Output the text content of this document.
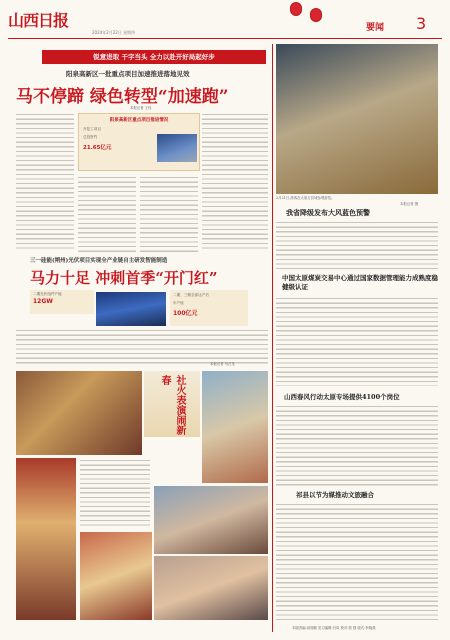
山西日报
2024年2月22日 星期四	要闻 3
锐意进取 干字当头 全力以赴开好局起好步
阳泉高新区一批重点项目加速推进落地见效
马不停蹄 绿色转型“加速跑”
本报记者 王伟
阳泉高新区重点项目推进情况
开复工项目
总投资约
21.65亿元
三一硅能(朔州)光伏项目实现全产业链自主研发智能制造
马力十足 冲刺首季“开门红”
二期光伏组件产能
12GW
二期、三期全部达产后
年产值
100亿元
本报记者 马占龙
社火表演闹新春
2月21日,游客在太原古县城参观游览。
本报记者 摄
我省降级发布大风蓝色预警
中国太原煤炭交易中心通过国家数据管理能力成熟度稳健级认证
山西春风行动太原专场提供4100个岗位
祁县以节为媒推动文旅融合
本版责编:高瑞敏 见习编辑:吕凤 校对:郭 强 版式:李晓燕
